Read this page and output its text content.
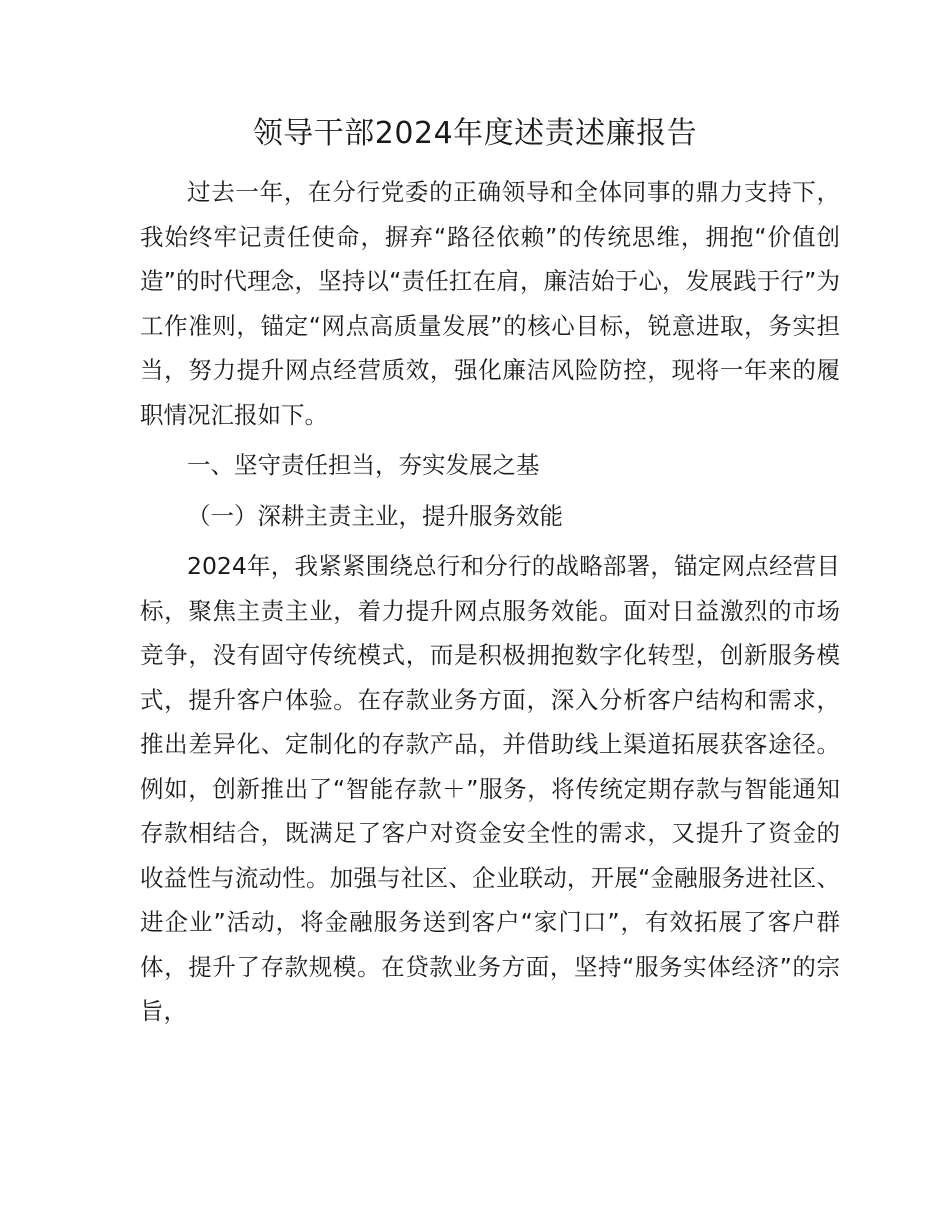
领导干部2024年度述责述廉报告

过去一年，在分行党委的正确领导和全体同事的鼎力支持下，我始终牢记责任使命，摒弃“路径依赖”的传统思维，拥抱“价值创造”的时代理念，坚持以“责任扛在肩，廉洁始于心，发展践于行”为工作准则，锚定“网点高质量发展”的核心目标，锐意进取，务实担当，努力提升网点经营质效，强化廉洁风险防控，现将一年来的履职情况汇报如下。

一、坚守责任担当，夯实发展之基

（一）深耕主责主业，提升服务效能

2024年，我紧紧围绕总行和分行的战略部署，锚定网点经营目标，聚焦主责主业，着力提升网点服务效能。面对日益激烈的市场竞争，没有固守传统模式，而是积极拥抱数字化转型，创新服务模式，提升客户体验。在存款业务方面，深入分析客户结构和需求，推出差异化、定制化的存款产品，并借助线上渠道拓展获客途径。例如，创新推出了“智能存款＋”服务，将传统定期存款与智能通知存款相结合，既满足了客户对资金安全性的需求，又提升了资金的收益性与流动性。加强与社区、企业联动，开展“金融服务进社区、进企业”活动，将金融服务送到客户“家门口”，有效拓展了客户群体，提升了存款规模。在贷款业务方面，坚持“服务实体经济”的宗旨，
